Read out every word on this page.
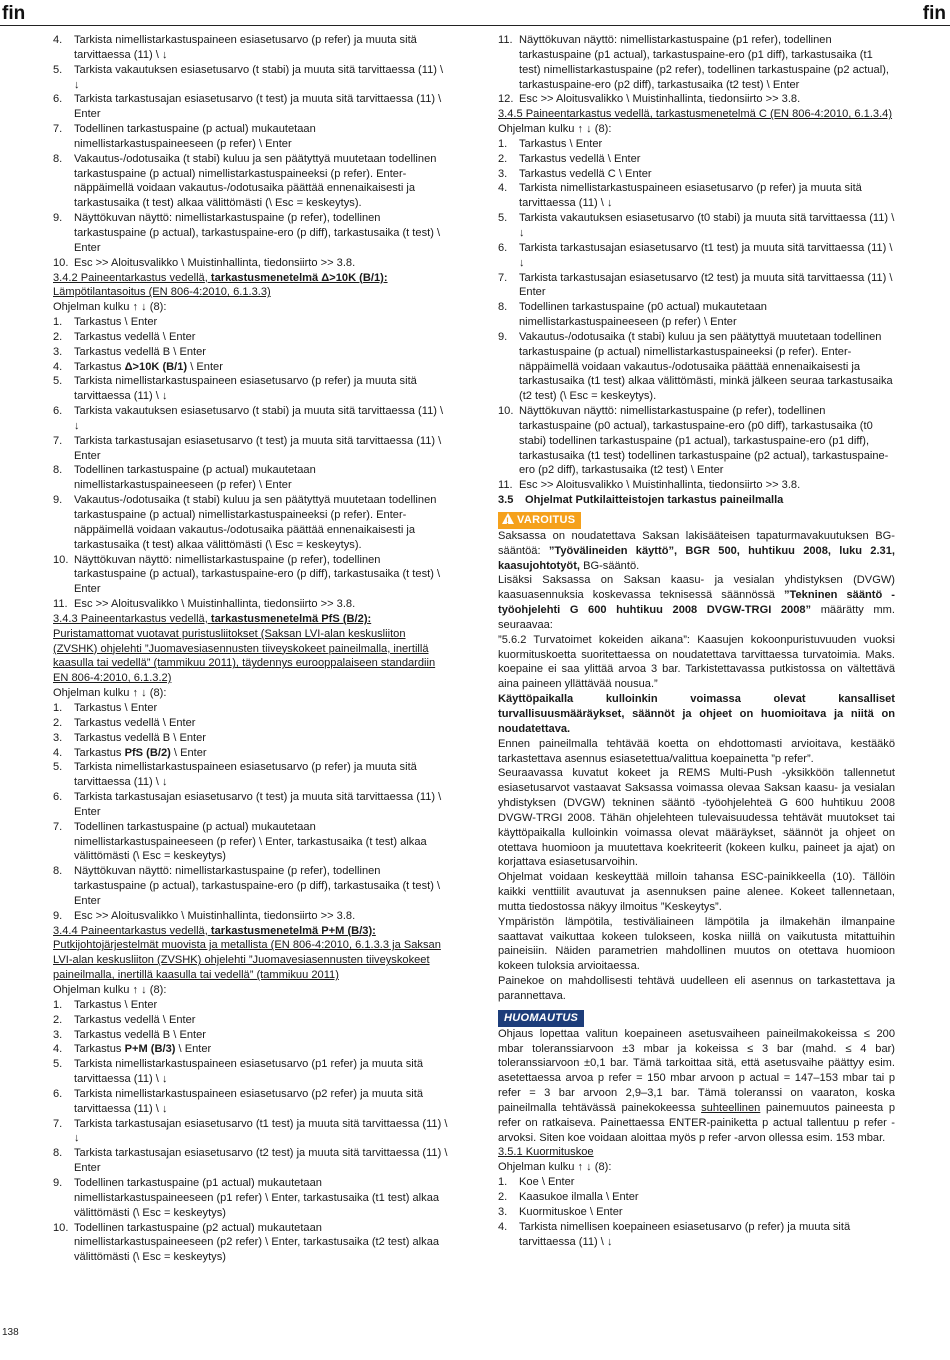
fin	fin
4. Tarkista nimellistarkastuspaineen esiasetusarvo (p refer) ja muuta sitä tarvittaessa (11) \ ↓
5. Tarkista vakautuksen esiasetusarvo (t stabi) ja muuta sitä tarvittaessa (11) \ ↓
6. Tarkista tarkastusajan esiasetusarvo (t test) ja muuta sitä tarvittaessa (11) \ Enter
7. Todellinen tarkastuspaine (p actual) mukautetaan nimellistarkastuspaineeseen (p refer) \ Enter
8. Vakautus-/odotusaika (t stabi) kuluu ja sen päätyttyä muutetaan todellinen tarkastuspaine (p actual) nimellistarkastuspaineeksi (p refer). Enter-näppäimellä voidaan vakautus-/odotusaika päättää ennenaikaisesti ja tarkastusaika (t test) alkaa välittömästi (\ Esc = keskeytys).
9. Näyttökuvan näyttö: nimellistarkastuspaine (p refer), todellinen tarkastuspaine (p actual), tarkastuspaine-ero (p diff), tarkastusaika (t test) \ Enter
10. Esc >> Aloitusvalikko \ Muistinhallinta, tiedonsiirto >> 3.8.

3.4.2 Paineentarkastus vedellä, tarkastusmenetelmä Δ>10K (B/1): Lämpötilantasoitus (EN 806-4:2010, 6.1.3.3)

Ohjelman kulku ↑ ↓ (8):

1. Tarkastus \ Enter
2. Tarkastus vedellä \ Enter
3. Tarkastus vedellä B \ Enter
4. Tarkastus Δ>10K (B/1) \ Enter
5. Tarkista nimellistarkastuspaineen esiasetusarvo (p refer) ja muuta sitä tarvittaessa (11) \ ↓
6. Tarkista vakautuksen esiasetusarvo (t stabi) ja muuta sitä tarvittaessa (11) \ ↓
7. Tarkista tarkastusajan esiasetusarvo (t test) ja muuta sitä tarvittaessa (11) \ Enter
8. Todellinen tarkastuspaine (p actual) mukautetaan nimellistarkastuspaineeseen (p refer) \ Enter
9. Vakautus-/odotusaika (t stabi) kuluu ja sen päätyttyä muutetaan todellinen tarkastuspaine (p actual) nimellistarkastuspaineeksi (p refer). Enter-näppäimellä voidaan vakautus-/odotusaika päättää ennenaikaisesti ja tarkastusaika (t test) alkaa välittömästi (\ Esc = keskeytys).
10. Näyttökuvan näyttö: nimellistarkastuspaine (p refer), todellinen tarkastuspaine (p actual), tarkastuspaine-ero (p diff), tarkastusaika (t test) \ Enter
11. Esc >> Aloitusvalikko \ Muistinhallinta, tiedonsiirto >> 3.8.

3.4.3 Paineentarkastus vedellä, tarkastusmenetelmä PfS (B/2): Puristamattomat vuotavat puristusliitokset (Saksan LVI-alan keskusliiton (ZVSHK) ohjelehti ”Juomavesiasennusten tiiveyskokeet paineilmalla, inertillä kaasulla tai vedellä” (tammikuu 2011), täydennys eurooppalaiseen standardiin EN 806-4:2010, 6.1.3.2)

Ohjelman kulku ↑ ↓ (8):

1. Tarkastus \ Enter
2. Tarkastus vedellä \ Enter
3. Tarkastus vedellä B \ Enter
4. Tarkastus PfS (B/2) \ Enter
5. Tarkista nimellistarkastuspaineen esiasetusarvo (p refer) ja muuta sitä tarvittaessa (11) \ ↓
6. Tarkista tarkastusajan esiasetusarvo (t test) ja muuta sitä tarvittaessa (11) \ Enter
7. Todellinen tarkastuspaine (p actual) mukautetaan nimellistarkastuspaineeseen (p refer) \ Enter, tarkastusaika (t test) alkaa välittömästi (\ Esc = keskeytys)
8. Näyttökuvan näyttö: nimellistarkastuspaine (p refer), todellinen tarkastuspaine (p actual), tarkastuspaine-ero (p diff), tarkastusaika (t test) \ Enter
9. Esc >> Aloitusvalikko \ Muistinhallinta, tiedonsiirto >> 3.8.

3.4.4 Paineentarkastus vedellä, tarkastusmenetelmä P+M (B/3): Putkijohtojärjestelmät muovista ja metallista (EN 806-4:2010, 6.1.3.3 ja Saksan LVI-alan keskusliiton (ZVSHK) ohjelehti ”Juomavesiasennusten tiiveyskokeet paineilmalla, inertillä kaasulla tai vedellä” (tammikuu 2011)

Ohjelman kulku ↑ ↓ (8):

1. Tarkastus \ Enter
2. Tarkastus vedellä \ Enter
3. Tarkastus vedellä B \ Enter
4. Tarkastus P+M (B/3) \ Enter
5. Tarkista nimellistarkastuspaineen esiasetusarvo (p1 refer) ja muuta sitä tarvittaessa (11) \ ↓
6. Tarkista nimellistarkastuspaineen esiasetusarvo (p2 refer) ja muuta sitä tarvittaessa (11) \ ↓
7. Tarkista tarkastusajan esiasetusarvo (t1 test) ja muuta sitä tarvittaessa (11) \ ↓
8. Tarkista tarkastusajan esiasetusarvo (t2 test) ja muuta sitä tarvittaessa (11) \ Enter
9. Todellinen tarkastuspaine (p1 actual) mukautetaan nimellistarkastuspaineeseen (p1 refer) \ Enter, tarkastusaika (t1 test) alkaa välittömästi (\ Esc = keskeytys)
10. Todellinen tarkastuspaine (p2 actual) mukautetaan nimellistarkastuspaineeseen (p2 refer) \ Enter, tarkastusaika (t2 test) alkaa välittömästi (\ Esc = keskeytys)
11. Näyttökuvan näyttö: nimellistarkastuspaine (p1 refer), todellinen tarkastuspaine (p1 actual), tarkastuspaine-ero (p1 diff), tarkastusaika (t1 test) nimellistarkastuspaine (p2 refer), todellinen tarkastuspaine (p2 actual), tarkastuspaine-ero (p2 diff), tarkastusaika (t2 test) \ Enter
12. Esc >> Aloitusvalikko \ Muistinhallinta, tiedonsiirto >> 3.8.

3.4.5 Paineentarkastus vedellä, tarkastusmenetelmä C (EN 806-4:2010, 6.1.3.4)

Ohjelman kulku ↑ ↓ (8):

1. Tarkastus \ Enter
2. Tarkastus vedellä \ Enter
3. Tarkastus vedellä C \ Enter
4. Tarkista nimellistarkastuspaineen esiasetusarvo (p refer) ja muuta sitä tarvittaessa (11) \ ↓
5. Tarkista vakautuksen esiasetusarvo (t0 stabi) ja muuta sitä tarvittaessa (11) \ ↓
6. Tarkista tarkastusajan esiasetusarvo (t1 test) ja muuta sitä tarvittaessa (11) \ ↓
7. Tarkista tarkastusajan esiasetusarvo (t2 test) ja muuta sitä tarvittaessa (11) \ Enter
8. Todellinen tarkastuspaine (p0 actual) mukautetaan nimellistarkastuspaineeseen (p refer) \ Enter
9. Vakautus-/odotusaika (t stabi) kuluu ja sen päätyttyä muutetaan todellinen tarkastuspaine (p actual) nimellistarkastuspaineeksi (p refer). Enter-näppäimellä voidaan vakautus-/odotusaika päättää ennenaikaisesti ja tarkastusaika (t1 test) alkaa välittömästi, minkä jälkeen seuraa tarkastusaika (t2 test) (\ Esc = keskeytys).
10. Näyttökuvan näyttö: nimellistarkastuspaine (p refer), todellinen tarkastuspaine (p0 actual), tarkastuspaine-ero (p0 diff), tarkastusaika (t0 stabi) todellinen tarkastuspaine (p1 actual), tarkastuspaine-ero (p1 diff), tarkastusaika (t1 test) todellinen tarkastuspaine (p2 actual), tarkastuspaine-ero (p2 diff), tarkastusaika (t2 test) \ Enter
11. Esc >> Aloitusvalikko \ Muistinhallinta, tiedonsiirto >> 3.8.

3.5 Ohjelmat Putkilaitteistojen tarkastus paineilmalla

!VAROITUS

Saksassa on noudatettava Saksan lakisääteisen tapaturmavakuutuksen BG-sääntöä: ”Työvälineiden käyttö”, BGR 500, huhtikuu 2008, luku 2.31, kaasujohtotyöt, BG-sääntö.

Lisäksi Saksassa on Saksan kaasu- ja vesialan yhdistyksen (DVGW) kaasuasennuksia koskevassa teknisessä säännössä ”Tekninen sääntö -työohjelehti G 600 huhtikuu 2008 DVGW-TRGI 2008” määrätty mm. seuraavaa:

”5.6.2 Turvatoimet kokeiden aikana”: Kaasujen kokoonpuristuvuuden vuoksi kuormituskoetta suoritettaessa on noudatettava tarvittaessa turvatoimia. Maks. koepaine ei saa ylittää arvoa 3 bar. Tarkistettavassa putkistossa on vältettävä aina paineen yllättävää nousua.”

Käyttöpaikalla kulloinkin voimassa olevat kansalliset turvallisuusmääräykset, säännöt ja ohjeet on huomioitava ja niitä on noudatettava.

Ennen paineilmalla tehtävää koetta on ehdottomasti arvioitava, kestääkö tarkastettava asennus esiasetettua/valittua koepainetta ”p refer”.

Seuraavassa kuvatut kokeet ja REMS Multi-Push -yksikköön tallennetut esiasetusarvot vastaavat Saksassa voimassa olevaa Saksan kaasu- ja vesialan yhdistyksen (DVGW) tekninen sääntö -työohjelehteä G 600 huhtikuu 2008 DVGW-TRGI 2008. Tähän ohjelehteen tulevaisuudessa tehtävät muutokset tai käyttöpaikalla kulloinkin voimassa olevat määräykset, säännöt ja ohjeet on otettava huomioon ja muutettava koekriteerit (kokeen kulku, paineet ja ajat) on korjattava esiasetusarvoihin.

Ohjelmat voidaan keskeyttää milloin tahansa ESC-painikkeella (10). Tällöin kaikki venttiilit avautuvat ja asennuksen paine alenee. Kokeet tallennetaan, mutta tiedostossa näkyy ilmoitus ”Keskeytys”.

Ympäristön lämpötila, testiväliaineen lämpötila ja ilmakehän ilmanpaine saattavat vaikuttaa kokeen tulokseen, koska niillä on vaikutusta mitattuihin paineisiin. Näiden parametrien mahdollinen muutos on otettava huomioon kokeen tuloksia arvioitaessa.

Painekoe on mahdollisesti tehtävä uudelleen eli asennus on tarkastettava ja parannettava.

HUOMAUTUS

Ohjaus lopettaa valitun koepaineen asetusvaiheen paineilmakokeissa ≤ 200 mbar toleranssiarvoon ±3 mbar ja kokeissa ≤ 3 bar (mahd. ≤ 4 bar) toleranssiarvoon ±0,1 bar. Tämä tarkoittaa sitä, että asetusvaihe päättyy esim. asetettaessa arvoa p refer = 150 mbar arvoon p actual = 147–153 mbar tai p refer = 3 bar arvoon 2,9–3,1 bar. Tämä toleranssi on vaaraton, koska paineilmalla tehtävässä painekokeessa suhteellinen painemuutos paineesta p refer on ratkaiseva. Painettaessa ENTER-painiketta p actual tallentuu p refer -arvoksi. Siten koe voidaan aloittaa myös p refer -arvon ollessa esim. 153 mbar.

3.5.1 Kuormituskoe

Ohjelman kulku ↑ ↓ (8):

1. Koe \ Enter
2. Kaasukoe ilmalla \ Enter
3. Kuormituskoe \ Enter
4. Tarkista nimellisen koepaineen esiasetusarvo (p refer) ja muuta sitä tarvittaessa (11) \ ↓
138
